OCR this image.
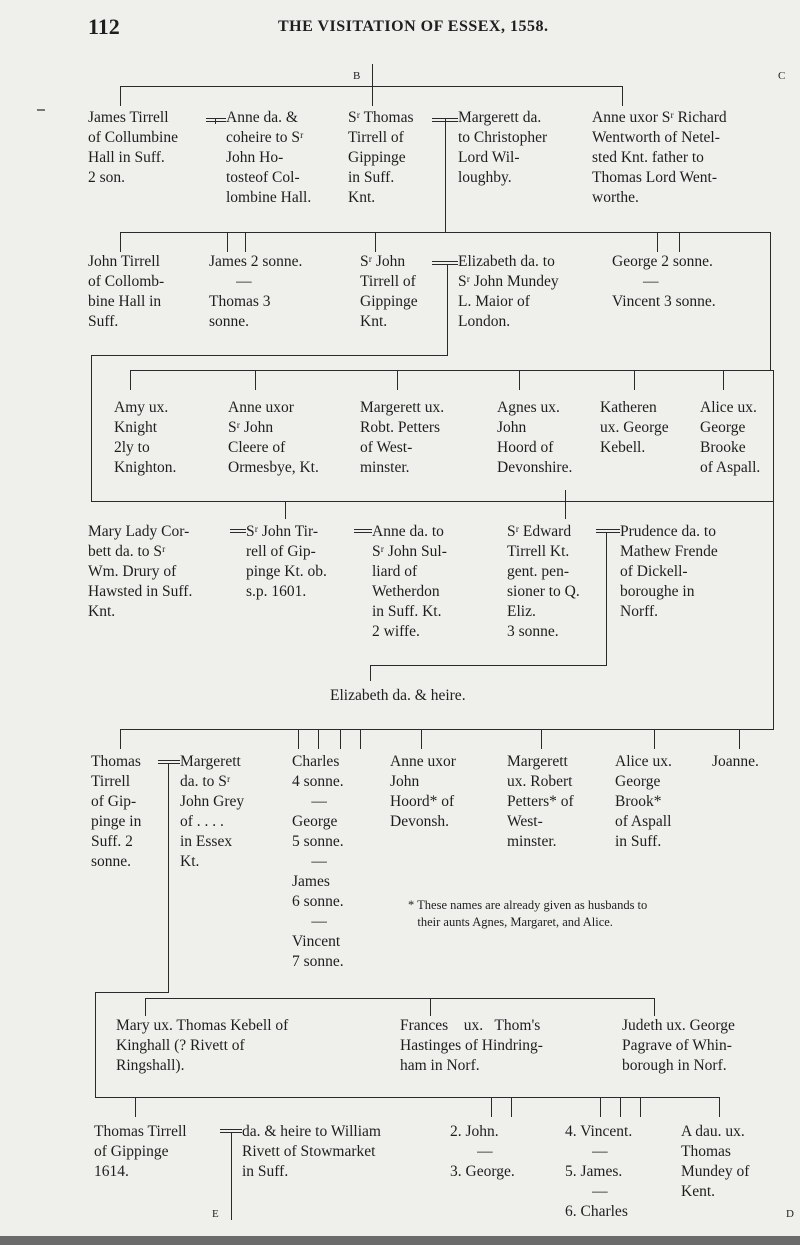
112	THE VISITATION OF ESSEX, 1558.
B	C
E	D
James Tirrell
of Collumbine
Hall in Suff.
2 son.
Anne da. &
coheire to Sʳ
John Ho-
tosteof Col-
lombine Hall.
Sʳ Thomas
Tirrell of
Gippinge
in Suff.
Knt.
Margerett da.
to Christopher
Lord Wil-
loughby.
Anne uxor Sʳ Richard
Wentworth of Netel-
sted Knt. father to
Thomas Lord Went-
worthe.
John Tirrell
of Collomb-
bine Hall in
Suff.
James 2 sonne.
—
Thomas 3
sonne.
Sʳ John
Tirrell of
Gippinge
Knt.
Elizabeth da. to
Sʳ John Mundey
L. Maior of
London.
George 2 sonne.
—
Vincent 3 sonne.
Amy ux.
Knight
2ly to
Knighton.
Anne uxor
Sʳ John
Cleere of
Ormesbye, Kt.
Margerett ux.
Robt. Petters
of West-
minster.
Agnes ux.
John
Hoord of
Devonshire.
Katheren
ux. George
Kebell.
Alice ux.
George
Brooke
of Aspall.
Mary Lady Cor-
bett da. to Sʳ
Wm. Drury of
Hawsted in Suff.
Knt.
Sʳ John Tir-
rell of Gip-
pinge Kt. ob.
s.p. 1601.
Anne da. to
Sʳ John Sul-
liard of
Wetherdon
in Suff. Kt.
2 wiffe.
Sʳ Edward
Tirrell Kt.
gent. pen-
sioner to Q.
Eliz.
3 sonne.
Prudence da. to
Mathew Frende
of Dickell-
boroughe in
Norff.
Elizabeth da. & heire.
Thomas
Tirrell
of Gip-
pinge in
Suff. 2
sonne.
Margerett
da. to Sʳ
John Grey
of . . . .
in Essex
Kt.
Charles
4 sonne.
—
George
5 sonne.
—
James
6 sonne.
—
Vincent
7 sonne.
Anne uxor
John
Hoord* of
Devonsh.
Margerett
ux. Robert
Petters* of
West-
minster.
Alice ux.
George
Brook*
of Aspall
in Suff.
Joanne.
* These names are already given as husbands to
their aunts Agnes, Margaret, and Alice.
Mary ux. Thomas Kebell of
Kinghall (? Rivett of
Ringshall).
Frances    ux.   Thom's
Hastinges of Hindring-
ham in Norf.
Judeth ux. George
Pagrave of Whin-
borough in Norf.
Thomas Tirrell
of Gippinge
1614.
da. & heire to William
Rivett of Stowmarket
in Suff.
2. John.
—
3. George.
4. Vincent.
—
5. James.
—
6. Charles
A dau. ux.
Thomas
Mundey of
Kent.
